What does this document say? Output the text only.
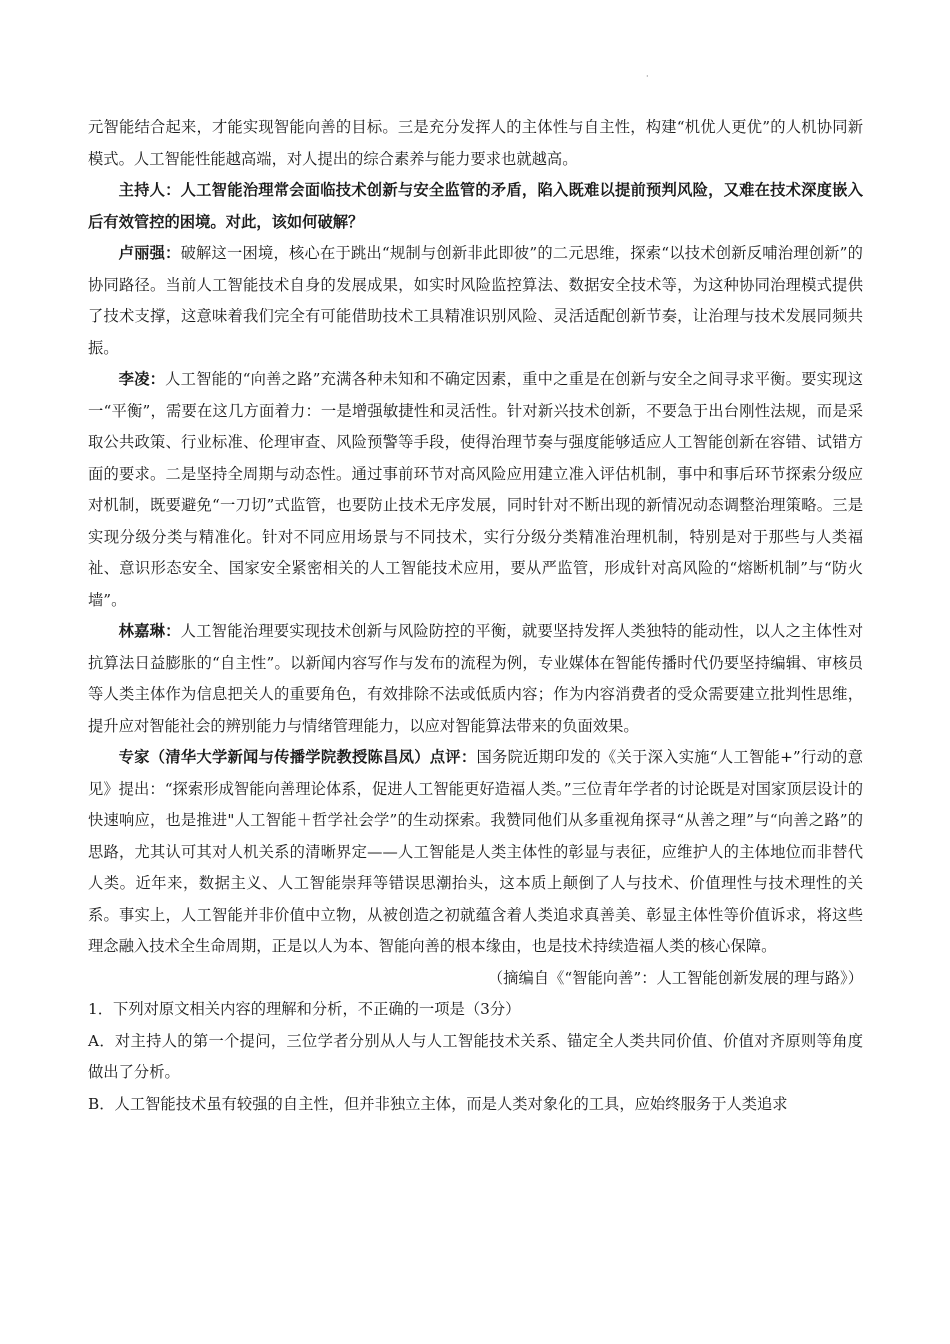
·

元智能结合起来，才能实现智能向善的目标。三是充分发挥人的主体性与自主性，构建“机优人更优”的人机协同新模式。人工智能性能越高端，对人提出的综合素养与能力要求也就越高。

主持人：人工智能治理常会面临技术创新与安全监管的矛盾，陷入既难以提前预判风险，又难在技术深度嵌入后有效管控的困境。对此，该如何破解？

卢丽强：破解这一困境，核心在于跳出“规制与创新非此即彼”的二元思维，探索“以技术创新反哺治理创新”的协同路径。当前人工智能技术自身的发展成果，如实时风险监控算法、数据安全技术等，为这种协同治理模式提供了技术支撑，这意味着我们完全有可能借助技术工具精准识别风险、灵活适配创新节奏，让治理与技术发展同频共振。

李凌：人工智能的“向善之路”充满各种未知和不确定因素，重中之重是在创新与安全之间寻求平衡。要实现这一“平衡”，需要在这几方面着力：一是增强敏捷性和灵活性。针对新兴技术创新，不要急于出台刚性法规，而是采取公共政策、行业标准、伦理审查、风险预警等手段，使得治理节奏与强度能够适应人工智能创新在容错、试错方面的要求。二是坚持全周期与动态性。通过事前环节对高风险应用建立准入评估机制，事中和事后环节探索分级应对机制，既要避免“一刀切”式监管，也要防止技术无序发展，同时针对不断出现的新情况动态调整治理策略。三是实现分级分类与精准化。针对不同应用场景与不同技术，实行分级分类精准治理机制，特别是对于那些与人类福祉、意识形态安全、国家安全紧密相关的人工智能技术应用，要从严监管，形成针对高风险的“熔断机制”与“防火墙”。

林嘉琳：人工智能治理要实现技术创新与风险防控的平衡，就要坚持发挥人类独特的能动性，以人之主体性对抗算法日益膨胀的“自主性”。以新闻内容写作与发布的流程为例，专业媒体在智能传播时代仍要坚持编辑、审核员等人类主体作为信息把关人的重要角色，有效排除不法或低质内容；作为内容消费者的受众需要建立批判性思维，提升应对智能社会的辨别能力与情绪管理能力，以应对智能算法带来的负面效果。

专家（清华大学新闻与传播学院教授陈昌凤）点评：国务院近期印发的《关于深入实施“人工智能+”行动的意见》提出：“探索形成智能向善理论体系，促进人工智能更好造福人类。”三位青年学者的讨论既是对国家顶层设计的快速响应，也是推进"人工智能＋哲学社会学”的生动探索。我赞同他们从多重视角探寻“从善之理”与“向善之路”的思路，尤其认可其对人机关系的清晰界定——人工智能是人类主体性的彰显与表征，应维护人的主体地位而非替代人类。近年来，数据主义、人工智能崇拜等错误思潮抬头，这本质上颠倒了人与技术、价值理性与技术理性的关系。事实上，人工智能并非价值中立物，从被创造之初就蕴含着人类追求真善美、彰显主体性等价值诉求，将这些理念融入技术全生命周期，正是以人为本、智能向善的根本缘由，也是技术持续造福人类的核心保障。

（摘编自《“智能向善”：人工智能创新发展的理与路》）

1．下列对原文相关内容的理解和分析，不正确的一项是（3分）

A．对主持人的第一个提问，三位学者分别从人与人工智能技术关系、锚定全人类共同价值、价值对齐原则等角度做出了分析。

B．人工智能技术虽有较强的自主性，但并非独立主体，而是人类对象化的工具，应始终服务于人类追求
